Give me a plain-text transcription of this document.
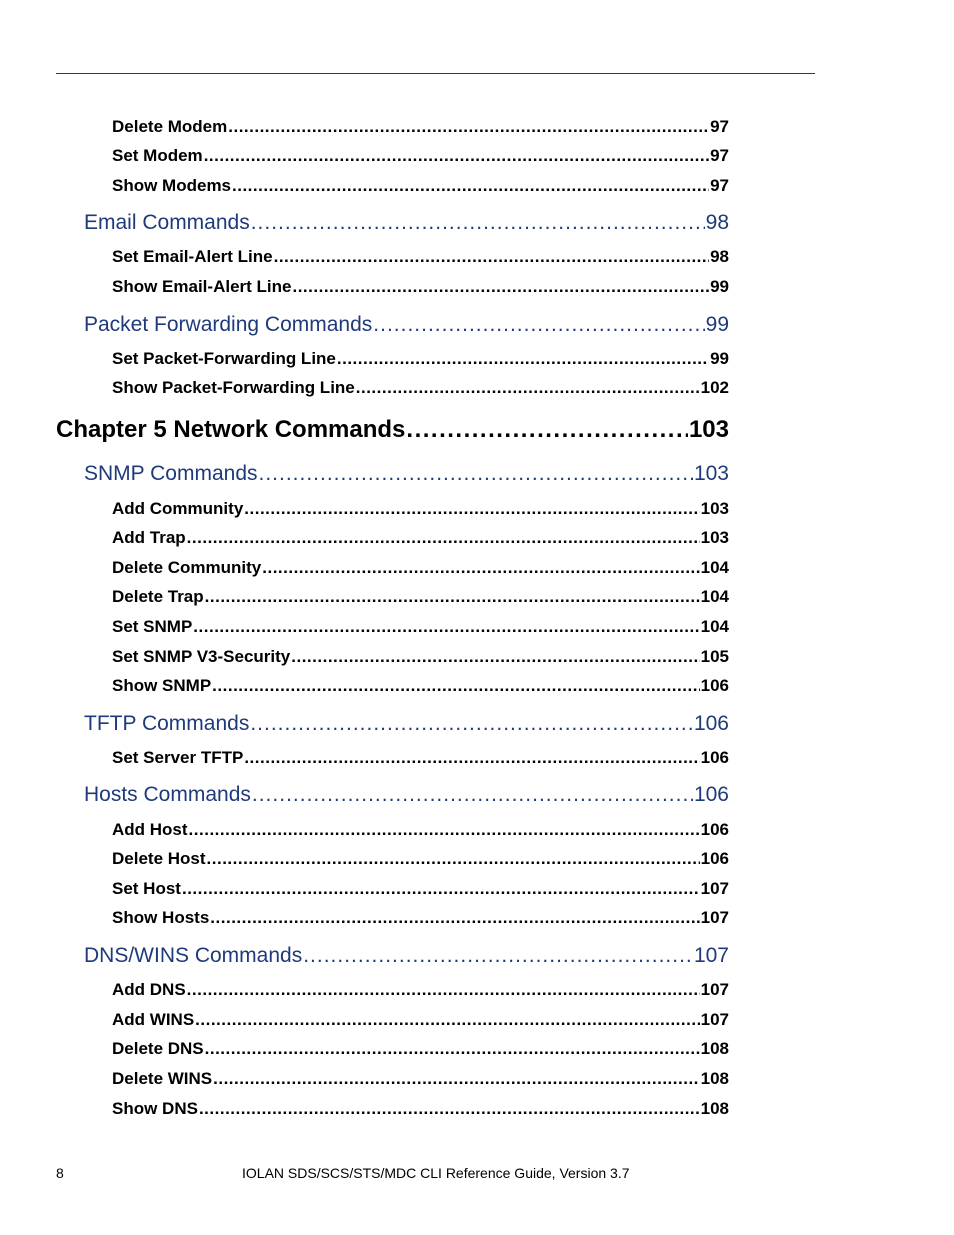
Delete Modem .....	97
Set Modem .....	97
Show Modems .....	97
Email Commands .....	98
Set Email-Alert Line .....	98
Show Email-Alert Line .....	99
Packet Forwarding Commands .....	99
Set Packet-Forwarding Line .....	99
Show Packet-Forwarding Line .....	102
Chapter 5 Network Commands .....	103
SNMP Commands .....	103
Add Community .....	103
Add Trap .....	103
Delete Community .....	104
Delete Trap .....	104
Set SNMP .....	104
Set SNMP V3-Security .....	105
Show SNMP .....	106
TFTP Commands .....	106
Set Server TFTP .....	106
Hosts Commands .....	106
Add Host .....	106
Delete Host .....	106
Set Host .....	107
Show Hosts .....	107
DNS/WINS Commands .....	107
Add DNS .....	107
Add WINS .....	107
Delete DNS .....	108
Delete WINS .....	108
Show DNS .....	108
8	IOLAN SDS/SCS/STS/MDC CLI Reference Guide, Version 3.7
